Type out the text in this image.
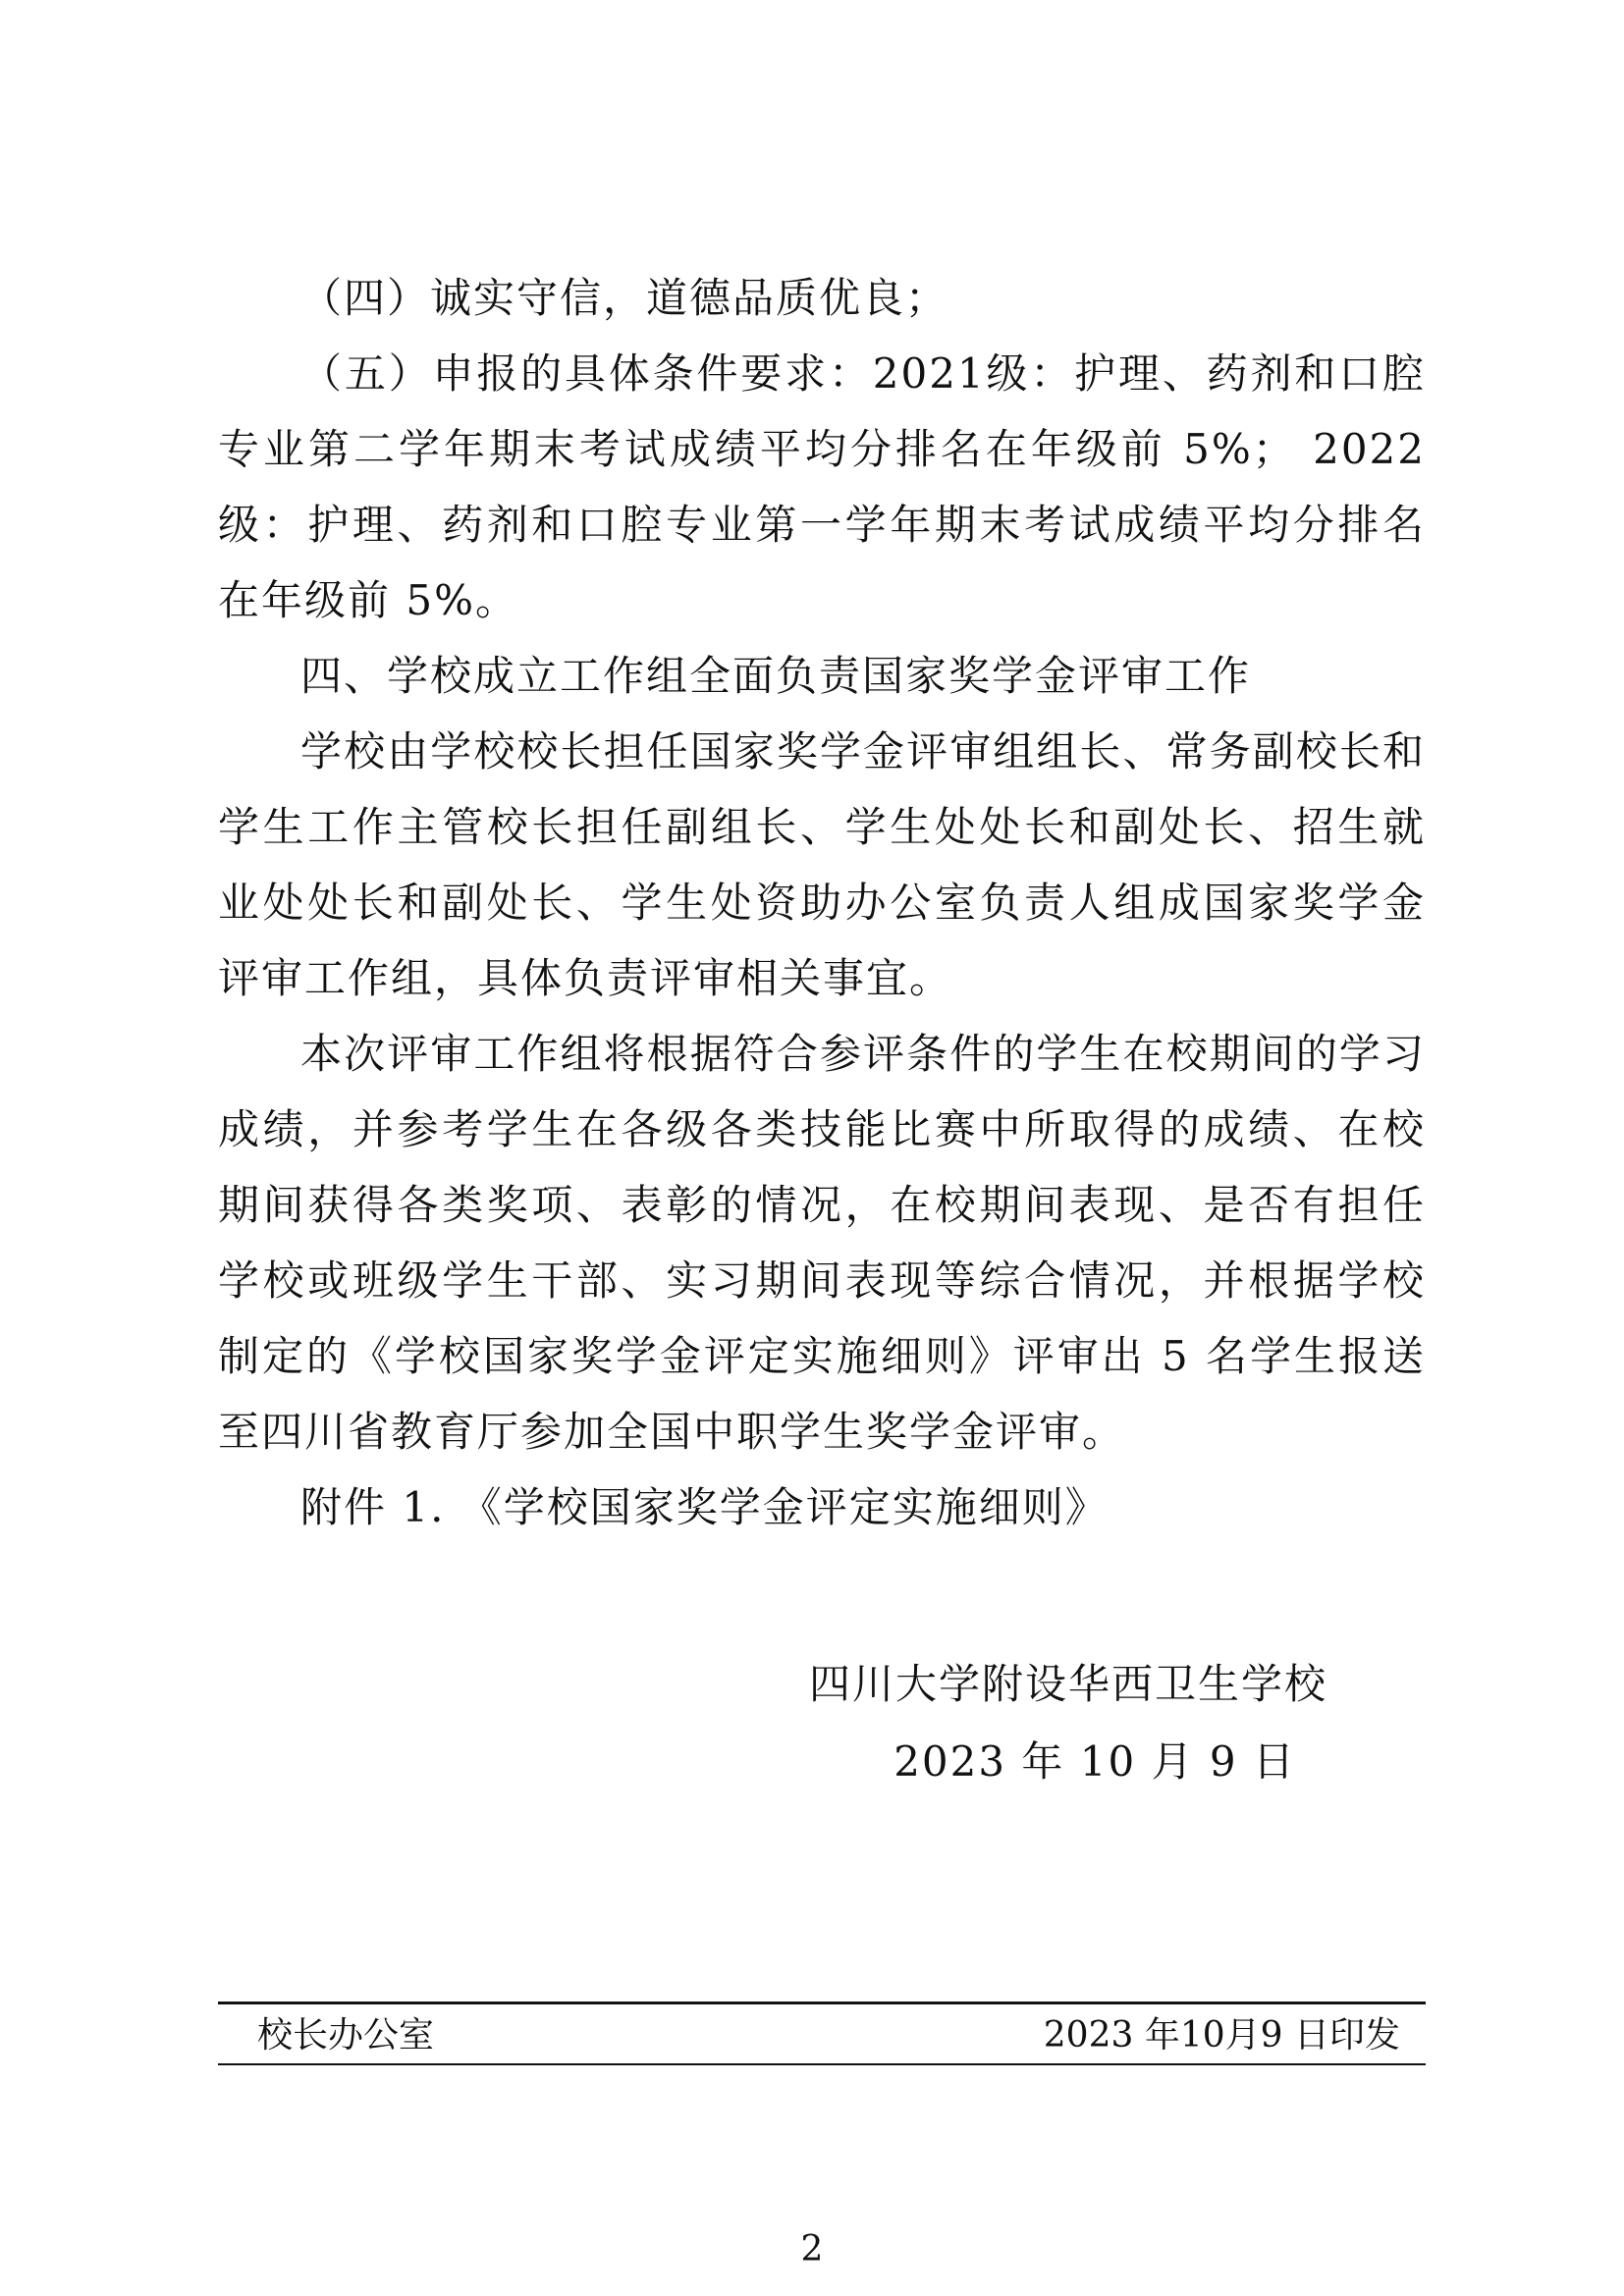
（四）诚实守信，道德品质优良；

（五）申报的具体条件要求：2021级：护理、药剂和口腔专业第二学年期末考试成绩平均分排名在年级前 5%； 2022级：护理、药剂和口腔专业第一学年期末考试成绩平均分排名在年级前 5%。

四、学校成立工作组全面负责国家奖学金评审工作

学校由学校校长担任国家奖学金评审组组长、常务副校长和学生工作主管校长担任副组长、学生处处长和副处长、招生就业处处长和副处长、学生处资助办公室负责人组成国家奖学金评审工作组，具体负责评审相关事宜。

本次评审工作组将根据符合参评条件的学生在校期间的学习成绩，并参考学生在各级各类技能比赛中所取得的成绩、在校期间获得各类奖项、表彰的情况，在校期间表现、是否有担任学校或班级学生干部、实习期间表现等综合情况，并根据学校制定的《学校国家奖学金评定实施细则》评审出 5 名学生报送至四川省教育厅参加全国中职学生奖学金评审。

附件 1. 《学校国家奖学金评定实施细则》

四川大学附设华西卫生学校
2023 年 10 月 9 日
校长办公室	2023 年10月9 日印发
2
